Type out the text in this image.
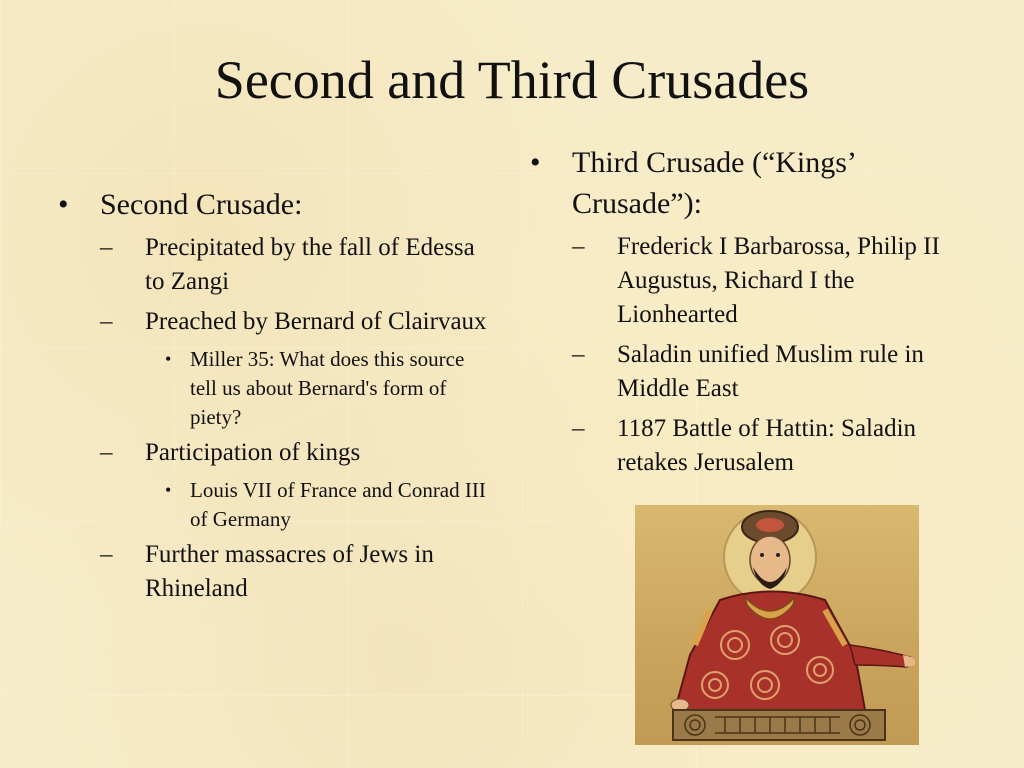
Second and Third Crusades
• Second Crusade:
– Precipitated by the fall of Edessa to Zangi
– Preached by Bernard of Clairvaux
• Miller 35: What does this source tell us about Bernard's form of piety?
– Participation of kings
• Louis VII of France and Conrad III of Germany
– Further massacres of Jews in Rhineland
• Third Crusade (“Kings’ Crusade”):
– Frederick I Barbarossa, Philip II Augustus, Richard I the Lionhearted
– Saladin unified Muslim rule in Middle East
– 1187 Battle of Hattin: Saladin retakes Jerusalem
